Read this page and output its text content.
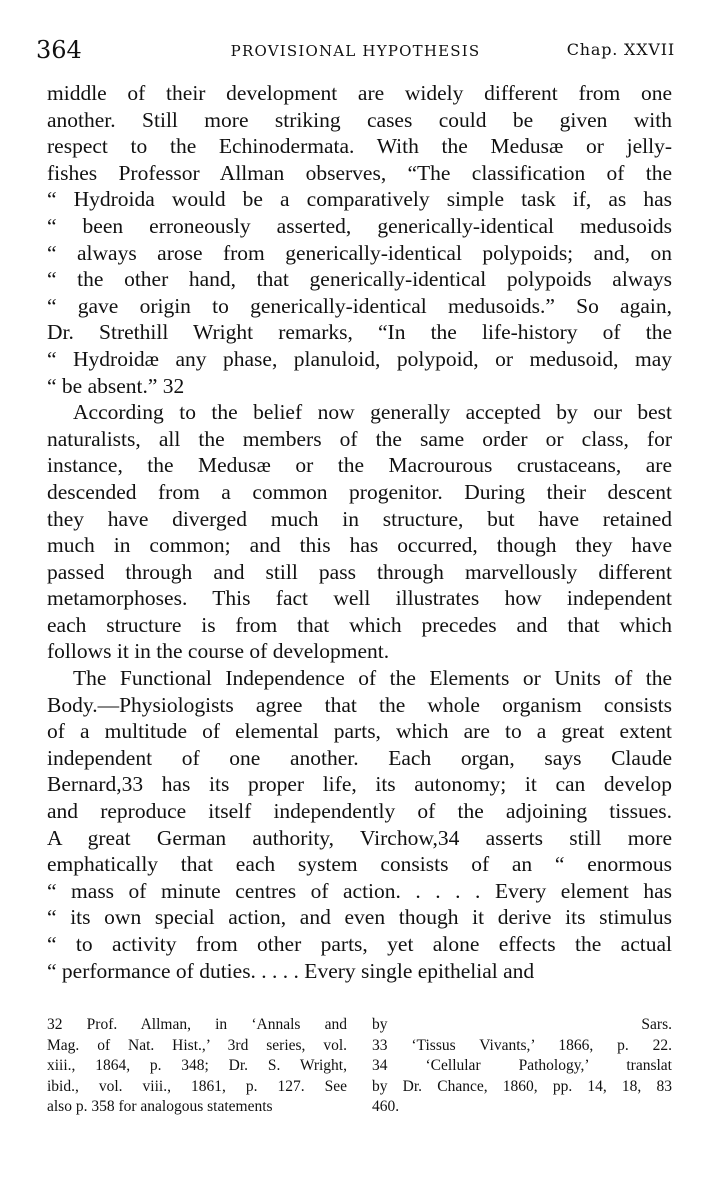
364	PROVISIONAL HYPOTHESIS	Chap. XXVII
middle of their development are widely different from one
another. Still more striking cases could be given with
respect to the Echinodermata. With the Medusæ or jelly-
fishes Professor Allman observes, “The classification of the
“ Hydroida would be a comparatively simple task if, as has
“ been erroneously asserted, generically-identical medusoids
“ always arose from generically-identical polypoids; and, on
“ the other hand, that generically-identical polypoids always
“ gave origin to generically-identical medusoids.” So again,
Dr. Strethill Wright remarks, “In the life-history of the
“ Hydroidæ any phase, planuloid, polypoid, or medusoid, may
“ be absent.” 32
According to the belief now generally accepted by our best
naturalists, all the members of the same order or class, for
instance, the Medusæ or the Macrourous crustaceans, are
descended from a common progenitor. During their descent
they have diverged much in structure, but have retained
much in common; and this has occurred, though they have
passed through and still pass through marvellously different
metamorphoses. This fact well illustrates how independent
each structure is from that which precedes and that which
follows it in the course of development.
The Functional Independence of the Elements or Units of the
Body.—Physiologists agree that the whole organism consists
of a multitude of elemental parts, which are to a great extent
independent of one another. Each organ, says Claude
Bernard,33 has its proper life, its autonomy; it can develop
and reproduce itself independently of the adjoining tissues.
A great German authority, Virchow,34 asserts still more
emphatically that each system consists of an “ enormous
“ mass of minute centres of action. . . . . Every element has
“ its own special action, and even though it derive its stimulus
“ to activity from other parts, yet alone effects the actual
“ performance of duties. . . . . Every single epithelial and
32 Prof. Allman, in ‘Annals and
Mag. of Nat. Hist.,’ 3rd series, vol.
xiii., 1864, p. 348; Dr. S. Wright,
ibid., vol. viii., 1861, p. 127. See
also p. 358 for analogous statements
by Sars.
33 ‘Tissus Vivants,’ 1866, p. 22.
34 ‘Cellular Pathology,’ translat
by Dr. Chance, 1860, pp. 14, 18, 83
460.
